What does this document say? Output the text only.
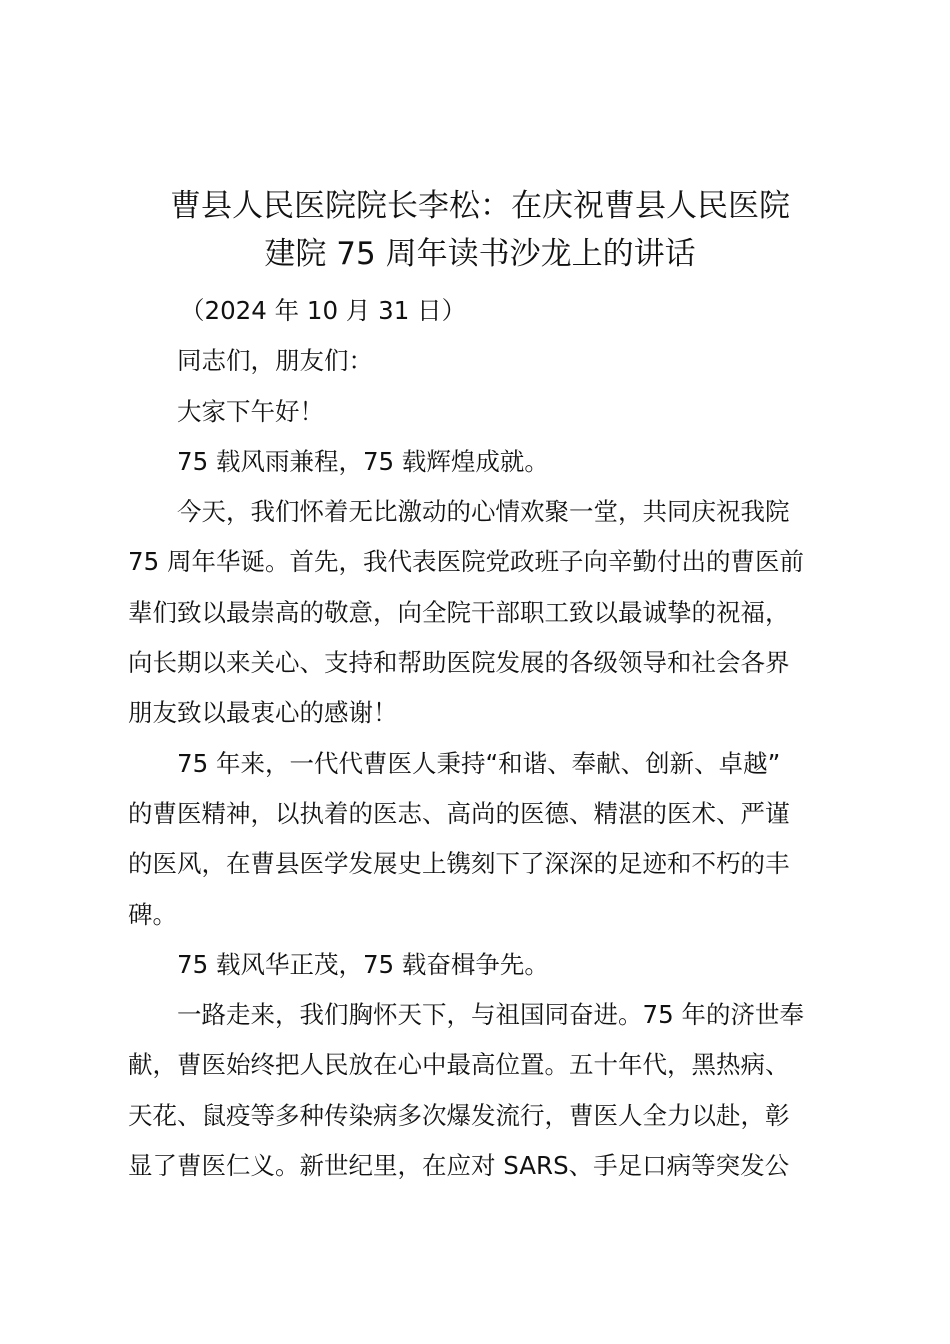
曹县人民医院院长李松：在庆祝曹县人民医院
建院 75 周年读书沙龙上的讲话

（2024 年 10 月 31 日）

同志们，朋友们：

大家下午好！

75 载风雨兼程，75 载辉煌成就。

今天，我们怀着无比激动的心情欢聚一堂，共同庆祝我院
75 周年华诞。首先，我代表医院党政班子向辛勤付出的曹医前
辈们致以最崇高的敬意，向全院干部职工致以最诚挚的祝福，
向长期以来关心、支持和帮助医院发展的各级领导和社会各界
朋友致以最衷心的感谢！

75 年来，一代代曹医人秉持“和谐、奉献、创新、卓越”
的曹医精神，以执着的医志、高尚的医德、精湛的医术、严谨
的医风，在曹县医学发展史上镌刻下了深深的足迹和不朽的丰
碑。

75 载风华正茂，75 载奋楫争先。

一路走来，我们胸怀天下，与祖国同奋进。75 年的济世奉
献，曹医始终把人民放在心中最高位置。五十年代，黑热病、
天花、鼠疫等多种传染病多次爆发流行，曹医人全力以赴，彰
显了曹医仁义。新世纪里，在应对 SARS、手足口病等突发公
